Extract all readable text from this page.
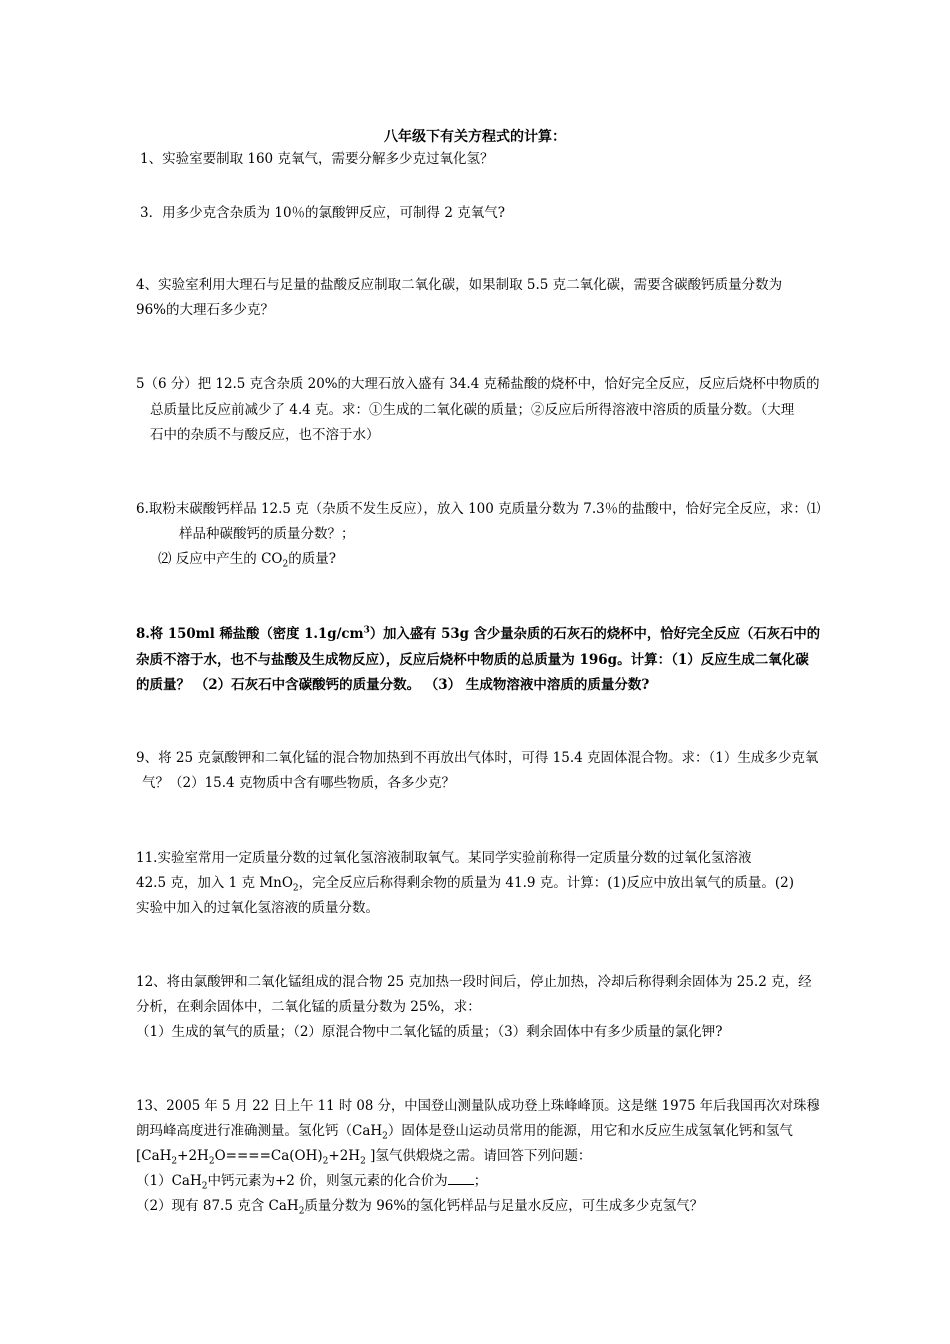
八年级下有关方程式的计算：
1、实验室要制取 160 克氧气，需要分解多少克过氧化氢？
3．用多少克含杂质为 10％的氯酸钾反应，可制得 2 克氧气?
4、实验室利用大理石与足量的盐酸反应制取二氧化碳，如果制取 5.5 克二氧化碳，需要含碳酸钙质量分数为
96%的大理石多少克？
5（6 分）把 12.5 克含杂质 20%的大理石放入盛有 34.4 克稀盐酸的烧杯中，恰好完全反应，反应后烧杯中物质的
总质量比反应前减少了 4.4 克。求：①生成的二氧化碳的质量；②反应后所得溶液中溶质的质量分数。（大理
石中的杂质不与酸反应，也不溶于水）
6.取粉末碳酸钙样品 12.5 克（杂质不发生反应），放入 100 克质量分数为 7.3％的盐酸中，恰好完全反应，求：⑴
样品种碳酸钙的质量分数？；
⑵ 反应中产生的 $CO_2$的质量?
8.将 150ml 稀盐酸（密度 $1.1g/cm^3$）加入盛有 53g 含少量杂质的石灰石的烧杯中，恰好完全反应（石灰石中的
杂质不溶于水，也不与盐酸及生成物反应），反应后烧杯中物质的总质量为 196g。计算：（1）反应生成二氧化碳
的质量？ （2）石灰石中含碳酸钙的质量分数。 （3） 生成物溶液中溶质的质量分数?
9、将 25 克氯酸钾和二氧化锰的混合物加热到不再放出气体时，可得 15.4 克固体混合物。求：（1）生成多少克氧
气？（2）15.4 克物质中含有哪些物质，各多少克？
11.实验室常用一定质量分数的过氧化氢溶液制取氧气。某同学实验前称得一定质量分数的过氧化氢溶液
42.5 克，加入 1 克 MnO$_2$，完全反应后称得剩余物的质量为 41.9 克。计算：(1)反应中放出氧气的质量。(2)
实验中加入的过氧化氢溶液的质量分数。
12、将由氯酸钾和二氧化锰组成的混合物 25 克加热一段时间后，停止加热，冷却后称得剩余固体为 25.2 克，经
分析，在剩余固体中，二氧化锰的质量分数为 25%，求：
（1）生成的氧气的质量；（2）原混合物中二氧化锰的质量；（3）剩余固体中有多少质量的氯化钾?
13、2005 年 5 月 22 日上午 11 时 08 分，中国登山测量队成功登上珠峰峰顶。这是继 1975 年后我国再次对珠穆
朗玛峰高度进行准确测量。氢化钙（CaH$_2$）固体是登山运动员常用的能源，用它和水反应生成氢氧化钙和氢气
[$CaH_2+2H_2O====Ca(OH)_2+2H_2$ ]氢气供煅烧之需。请回答下列问题：
（1）CaH$_2$中钙元素为+2 价，则氢元素的化合价为 ；
（2）现有 87.5 克含 CaH$_2$质量分数为 96%的氢化钙样品与足量水反应，可生成多少克氢气？
